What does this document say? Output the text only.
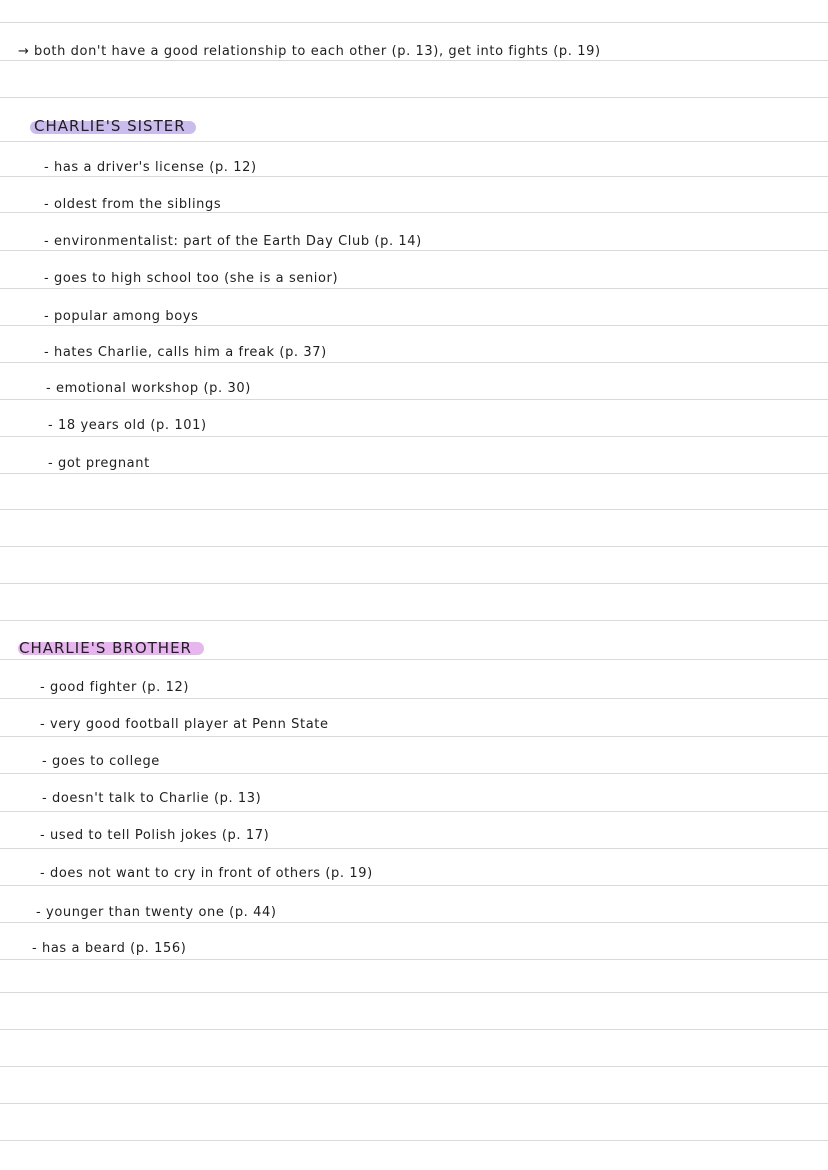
→ both don't have a good relationship to each other (p. 13), get into fights (p. 19)
CHARLIE'S SISTER
- has a driver's license (p. 12)
- oldest from the siblings
- environmentalist: part of the Earth Day Club (p. 14)
- goes to high school too (she is a senior)
- popular among boys
- hates Charlie, calls him a freak (p. 37)
- emotional workshop (p. 30)
- 18 years old (p. 101)
- got pregnant
CHARLIE'S BROTHER
- good fighter (p. 12)
- very good football player at Penn State
- goes to college
- doesn't talk to Charlie (p. 13)
- used to tell Polish jokes (p. 17)
- does not want to cry in front of others (p. 19)
- younger than twenty one (p. 44)
- has a beard (p. 156)
